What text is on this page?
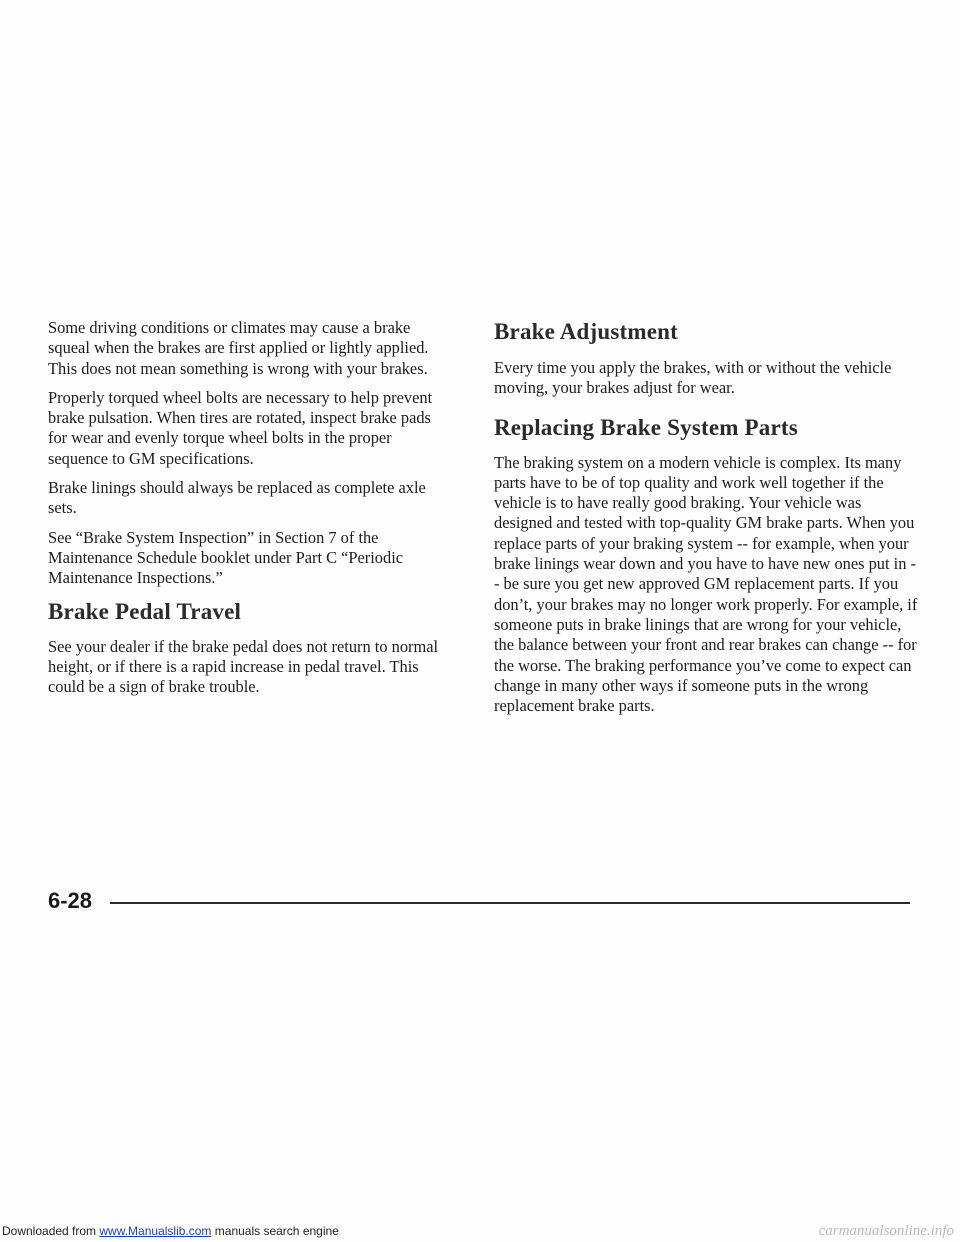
Some driving conditions or climates may cause a brake squeal when the brakes are first applied or lightly applied. This does not mean something is wrong with your brakes.

Properly torqued wheel bolts are necessary to help prevent brake pulsation. When tires are rotated, inspect brake pads for wear and evenly torque wheel bolts in the proper sequence to GM specifications.

Brake linings should always be replaced as complete axle sets.

See “Brake System Inspection” in Section 7 of the Maintenance Schedule booklet under Part C “Periodic Maintenance Inspections.”

Brake Pedal Travel

See your dealer if the brake pedal does not return to normal height, or if there is a rapid increase in pedal travel. This could be a sign of brake trouble.

Brake Adjustment

Every time you apply the brakes, with or without the vehicle moving, your brakes adjust for wear.

Replacing Brake System Parts

The braking system on a modern vehicle is complex. Its many parts have to be of top quality and work well together if the vehicle is to have really good braking. Your vehicle was designed and tested with top-quality GM brake parts. When you replace parts of your braking system -- for example, when your brake linings wear down and you have to have new ones put in -- be sure you get new approved GM replacement parts. If you don’t, your brakes may no longer work properly. For example, if someone puts in brake linings that are wrong for your vehicle, the balance between your front and rear brakes can change -- for the worse. The braking performance you’ve come to expect can change in many other ways if someone puts in the wrong replacement brake parts.

6-28
Downloaded from www.Manualslib.com manuals search engine	carmanualsonline.info
